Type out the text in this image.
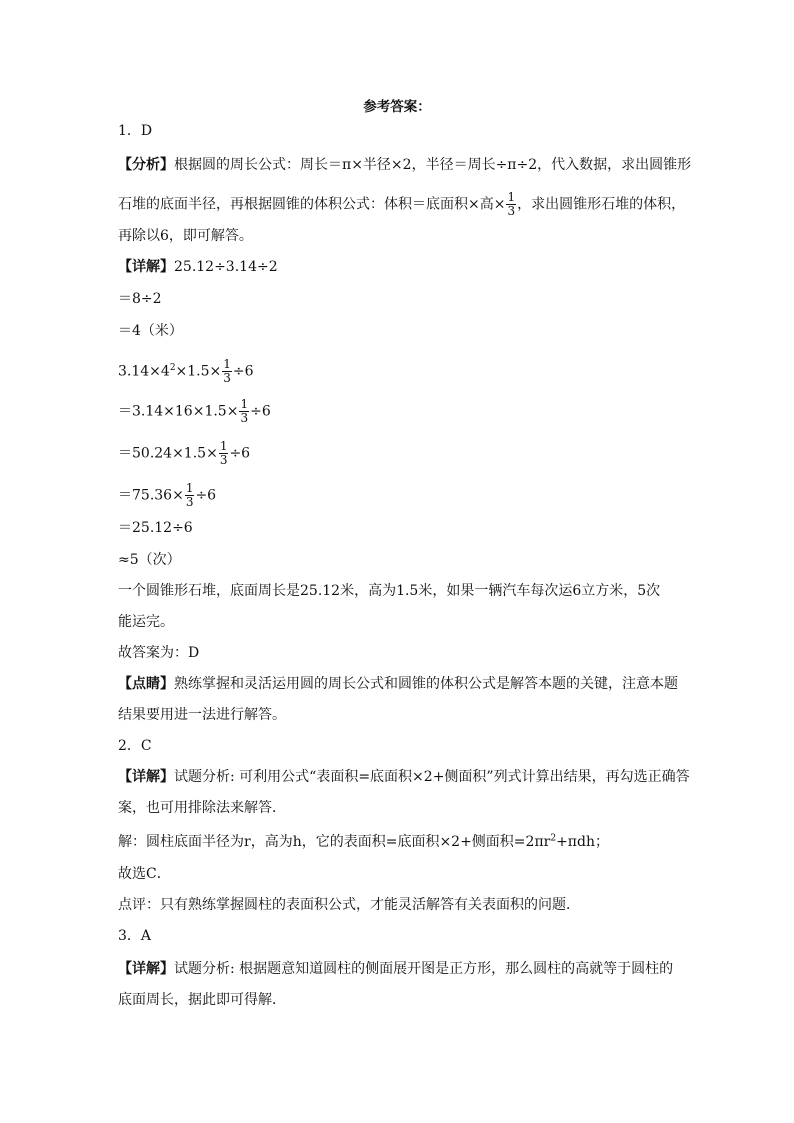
参考答案：
1．D
【分析】根据圆的周长公式：周长＝π×半径×2，半径＝周长÷π÷2，代入数据，求出圆锥形
石堆的底面半径，再根据圆锥的体积公式：体积＝底面积×高× $\frac{1}{3}$ ，求出圆锥形石堆的体积，
再除以6，即可解答。
【详解】25.12÷3.14÷2
＝8÷2
＝4（米）
$3.14\times 4^2\times 1.5\times \frac{1}{3} \div 6$
$=3.14\times 16\times 1.5\times \frac{1}{3} \div 6$
$=50.24\times 1.5\times \frac{1}{3} \div 6$
$=75.36\times \frac{1}{3} \div 6$
＝25.12÷6
≈5（次）
一个圆锥形石堆，底面周长是25.12米，高为1.5米，如果一辆汽车每次运6立方米，5次
能运完。
故答案为：D
【点睛】熟练掌握和灵活运用圆的周长公式和圆锥的体积公式是解答本题的关键，注意本题
结果要用进一法进行解答。
2．C
【详解】试题分析: 可利用公式“表面积=底面积×2+侧面积”列式计算出结果，再勾选正确答
案，也可用排除法来解答．
解：圆柱底面半径为r，高为h，它的表面积=底面积×2+侧面积$=2\pi r^2+\pi dh$；
故选C．
点评：只有熟练掌握圆柱的表面积公式，才能灵活解答有关表面积的问题．
3．A
【详解】试题分析: 根据题意知道圆柱的侧面展开图是正方形，那么圆柱的高就等于圆柱的
底面周长，据此即可得解．
